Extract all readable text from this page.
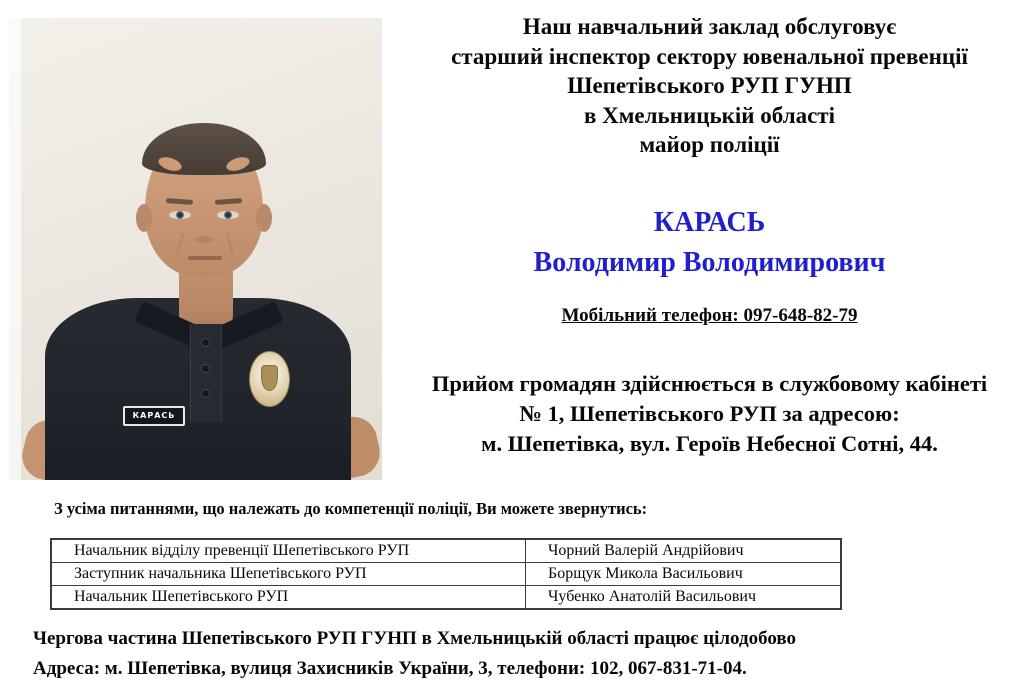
КАРАСЬ
Наш навчальний заклад обслуговує
старший інспектор сектору ювенальної превенції
Шепетівського РУП ГУНП
в Хмельницькій області
майор поліції
КАРАСЬ
Володимир Володимирович
Мобільний телефон: 097-648-82-79
Прийом громадян здійснюється в службовому кабінеті
№ 1, Шепетівського РУП за адресою:
м. Шепетівка, вул. Героїв Небесної Сотні, 44.
З усіма питаннями, що належать до компетенції поліції, Ви можете звернутись:
Начальник відділу превенції Шепетівського РУП	Чорний Валерій Андрійович
Заступник начальника Шепетівського РУП	Борщук Микола Васильович
Начальник Шепетівського РУП	Чубенко Анатолій Васильович
Чергова частина Шепетівського РУП ГУНП в Хмельницькій області працює цілодобово
Адреса: м. Шепетівка, вулиця Захисників України, 3, телефони: 102, 067-831-71-04.
